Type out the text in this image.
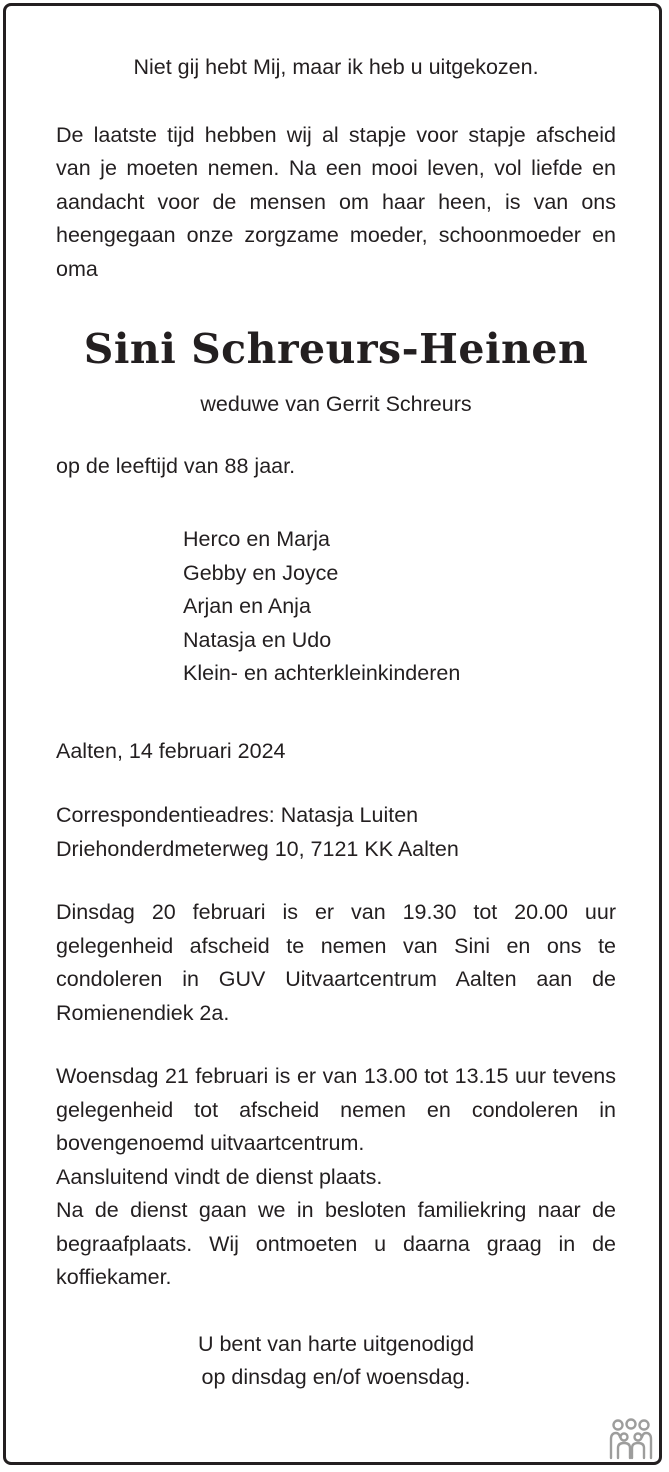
Niet gij hebt Mij, maar ik heb u uitgekozen.

De laatste tijd hebben wij al stapje voor stapje afscheid van je moeten nemen. Na een mooi leven, vol liefde en aandacht voor de mensen om haar heen, is van ons heengegaan onze zorgzame moeder, schoonmoeder en oma

Sini Schreurs-Heinen

weduwe van Gerrit Schreurs

op de leeftijd van 88 jaar.

Herco en Marja
Gebby en Joyce
Arjan en Anja
Natasja en Udo
Klein- en achterkleinkinderen

Aalten, 14 februari 2024

Correspondentieadres: Natasja Luiten
Driehonderdmeterweg 10, 7121 KK Aalten

Dinsdag 20 februari is er van 19.30 tot 20.00 uur gelegenheid afscheid te nemen van Sini en ons te condoleren in GUV Uitvaartcentrum Aalten aan de Romienendiek 2a.

Woensdag 21 februari is er van 13.00 tot 13.15 uur tevens gelegenheid tot afscheid nemen en condoleren in bovengenoemd uitvaartcentrum.

Aansluitend vindt de dienst plaats.

Na de dienst gaan we in besloten familiekring naar de begraafplaats. Wij ontmoeten u daarna graag in de koffiekamer.

U bent van harte uitgenodigd
op dinsdag en/of woensdag.
